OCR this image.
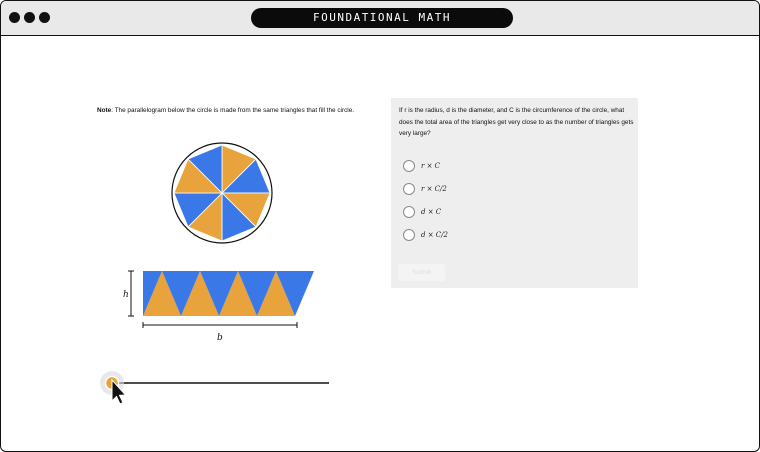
FOUNDATIONAL MATH
Note: The parallelogram below the circle is made from the same triangles that fill the circle.
h
b
If r is the radius, d is the diameter, and C is the circumference of the circle, what does the total area of the triangles get very close to as the number of triangles gets very large?
r × C
r × C/2
d × C
d × C/2
Submit
